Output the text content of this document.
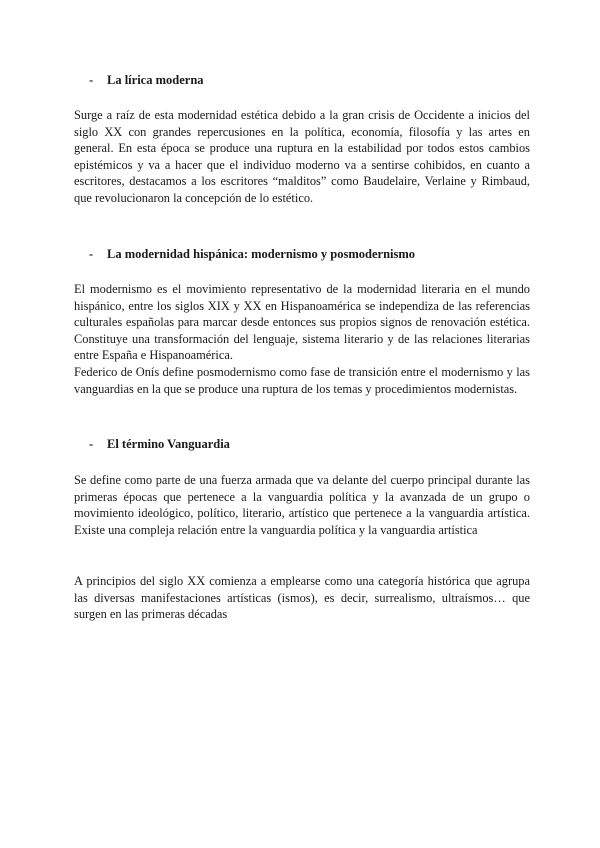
- La lírica moderna

Surge a raíz de esta modernidad estética debido a la gran crisis de Occidente a inicios del siglo XX con grandes repercusiones en la política, economía, filosofía y las artes en general. En esta época se produce una ruptura en la estabilidad por todos estos cambios epistémicos y va a hacer que el individuo moderno va a sentirse cohibidos, en cuanto a escritores, destacamos a los escritores “malditos” como Baudelaire, Verlaine y Rimbaud, que revolucionaron la concepción de lo estético.

- La modernidad hispánica: modernismo y posmodernismo

El modernismo es el movimiento representativo de la modernidad literaria en el mundo hispánico, entre los siglos XIX y XX en Hispanoamérica se independiza de las referencias culturales españolas para marcar desde entonces sus propios signos de renovación estética. Constituye una transformación del lenguaje, sistema literario y de las relaciones literarias entre España e Hispanoamérica.

Federico de Onís define posmodernismo como fase de transición entre el modernismo y las vanguardias en la que se produce una ruptura de los temas y procedimientos modernistas.

- El término Vanguardia

Se define como parte de una fuerza armada que va delante del cuerpo principal durante las primeras épocas que pertenece a la vanguardia política y la avanzada de un grupo o movimiento ideológico, político, literario, artístico que pertenece a la vanguardia artística. Existe una compleja relación entre la vanguardia política y la vanguardia artística

A principios del siglo XX comienza a emplearse como una categoría histórica que agrupa las diversas manifestaciones artísticas (ismos), es decir, surrealismo, ultraísmos… que surgen en las primeras décadas
